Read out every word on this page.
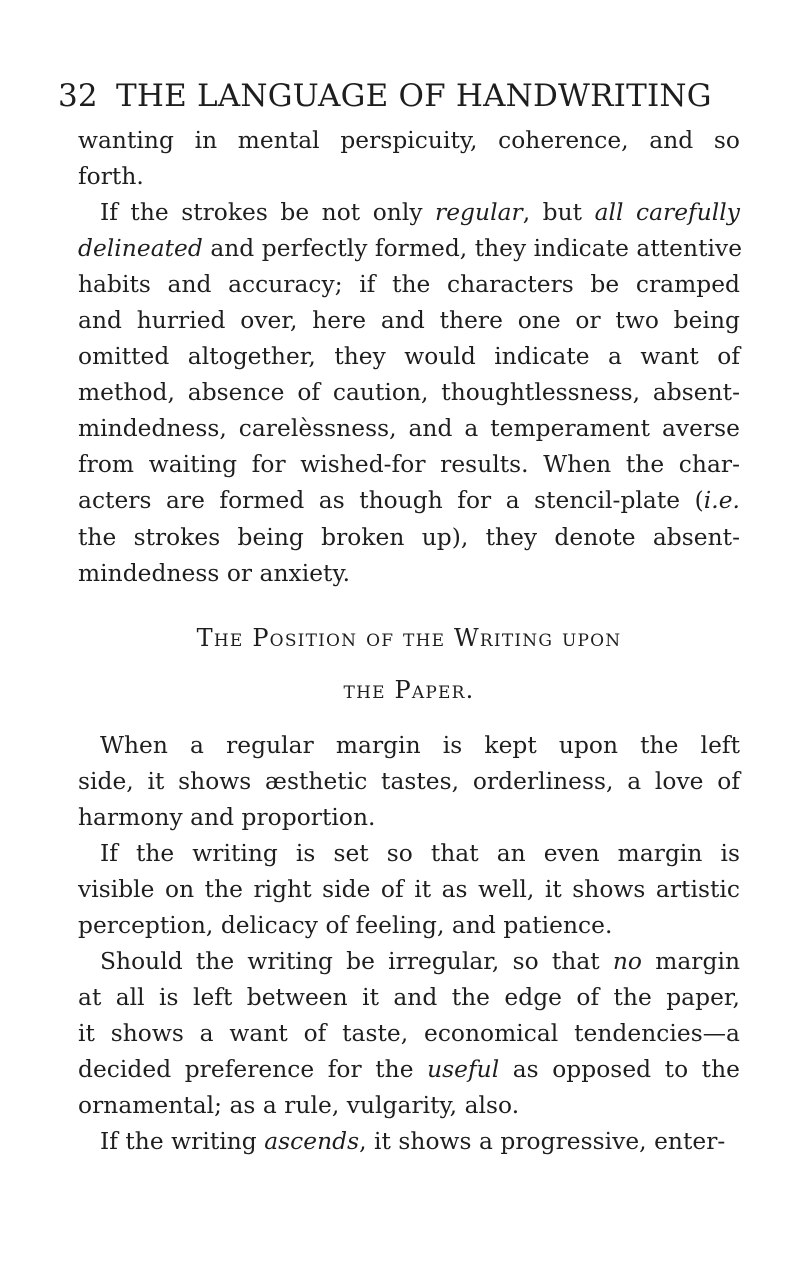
32 THE LANGUAGE OF HANDWRITING
wanting in mental perspicuity, coherence, and so
forth.
If the strokes be not only regular, but all carefully
delineated and perfectly formed, they indicate attentive
habits and accuracy; if the characters be cramped
and hurried over, here and there one or two being
omitted altogether, they would indicate a want of
method, absence of caution, thoughtlessness, absent-
mindedness, carelèssness, and a temperament averse
from waiting for wished-for results. When the char-
acters are formed as though for a stencil-plate (i.e.
the strokes being broken up), they denote absent-
mindedness or anxiety.
The Position of the Writing upon
the Paper.
When a regular margin is kept upon the left
side, it shows æsthetic tastes, orderliness, a love of
harmony and proportion.
If the writing is set so that an even margin is
visible on the right side of it as well, it shows artistic
perception, delicacy of feeling, and patience.
Should the writing be irregular, so that no margin
at all is left between it and the edge of the paper,
it shows a want of taste, economical tendencies—a
decided preference for the useful as opposed to the
ornamental; as a rule, vulgarity, also.
If the writing ascends, it shows a progressive, enter-
